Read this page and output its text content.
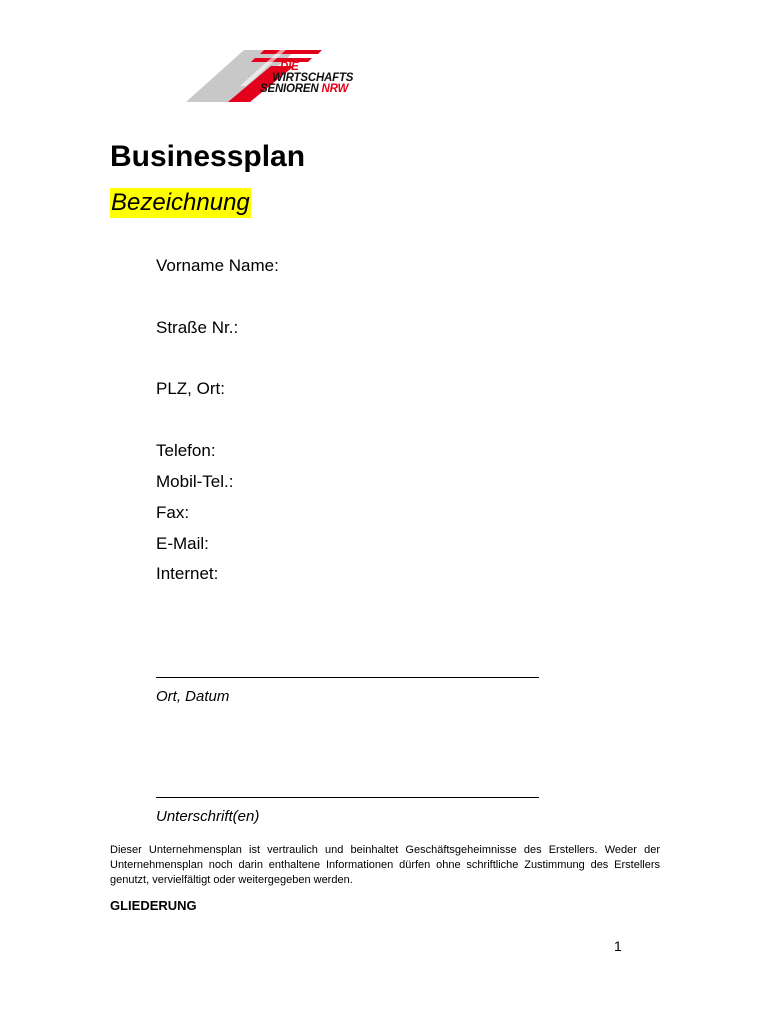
DIE
WIRTSCHAFTS
SENIOREN NRW
Businessplan
Bezeichnung
Vorname Name:
Straße Nr.:
PLZ, Ort:
Telefon:
Mobil-Tel.:
Fax:
E-Mail:
Internet:
Ort, Datum
Unterschrift(en)

Dieser Unternehmensplan ist vertraulich und beinhaltet Geschäftsgeheimnisse des Erstellers. Weder der Unternehmensplan noch darin enthaltene Informationen dürfen ohne schriftliche Zustimmung des Erstellers genutzt, vervielfältigt oder weitergegeben werden.

GLIEDERUNG
1
